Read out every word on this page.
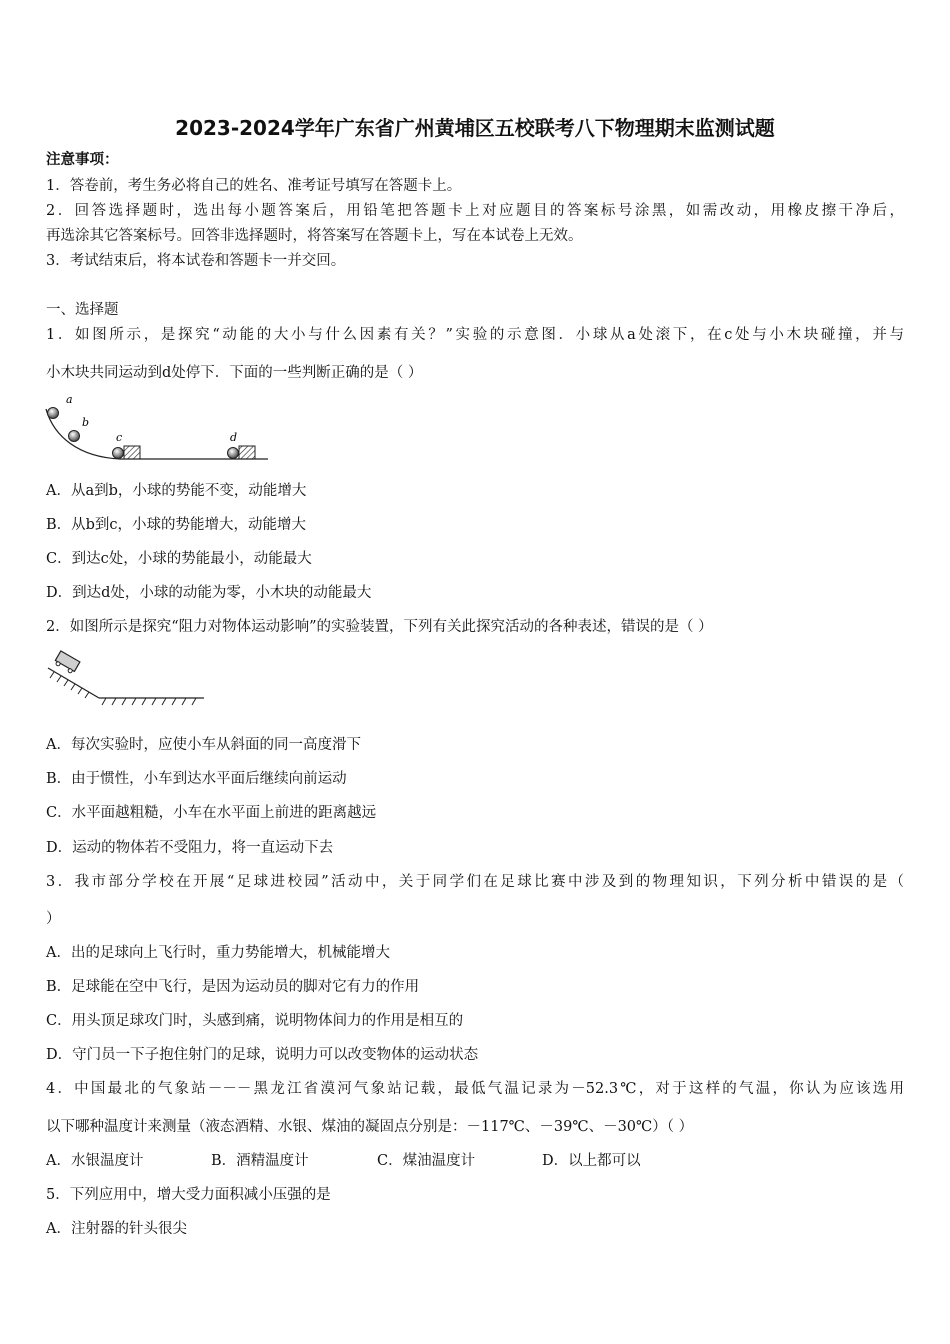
2023-2024学年广东省广州黄埔区五校联考八下物理期末监测试题
注意事项：
1．答卷前，考生务必将自己的姓名、准考证号填写在答题卡上。
2．回答选择题时，选出每小题答案后，用铅笔把答题卡上对应题目的答案标号涂黑，如需改动，用橡皮擦干净后，
再选涂其它答案标号。回答非选择题时，将答案写在答题卡上，写在本试卷上无效。
3．考试结束后，将本试卷和答题卡一并交回。
一、选择题
1．如图所示，是探究“动能的大小与什么因素有关？”实验的示意图．小球从a处滚下，在c处与小木块碰撞，并与
小木块共同运动到d处停下．下面的一些判断正确的是（ ）
a
b
c	d
A．从a到b，小球的势能不变，动能增大
B．从b到c，小球的势能增大，动能增大
C．到达c处，小球的势能最小，动能最大
D．到达d处，小球的动能为零，小木块的动能最大
2．如图所示是探究“阻力对物体运动影响”的实验装置，下列有关此探究活动的各种表述，错误的是（ ）
A．每次实验时，应使小车从斜面的同一高度滑下
B．由于惯性，小车到达水平面后继续向前运动
C．水平面越粗糙，小车在水平面上前进的距离越远
D．运动的物体若不受阻力，将一直运动下去
3．我市部分学校在开展“足球进校园”活动中，关于同学们在足球比赛中涉及到的物理知识，下列分析中错误的是（
）
A．出的足球向上飞行时，重力势能增大，机械能增大
B．足球能在空中飞行，是因为运动员的脚对它有力的作用
C．用头顶足球攻门时，头感到痛，说明物体间力的作用是相互的
D．守门员一下子抱住射门的足球，说明力可以改变物体的运动状态
4．中国最北的气象站－－－黑龙江省漠河气象站记载，最低气温记录为－52.3℃，对于这样的气温，你认为应该选用
以下哪种温度计来测量（液态酒精、水银、煤油的凝固点分别是：－117℃、－39℃、－30℃）（ ）
A．水银温度计	B．酒精温度计	C．煤油温度计	D．以上都可以
5．下列应用中，增大受力面积减小压强的是
A．注射器的针头很尖
